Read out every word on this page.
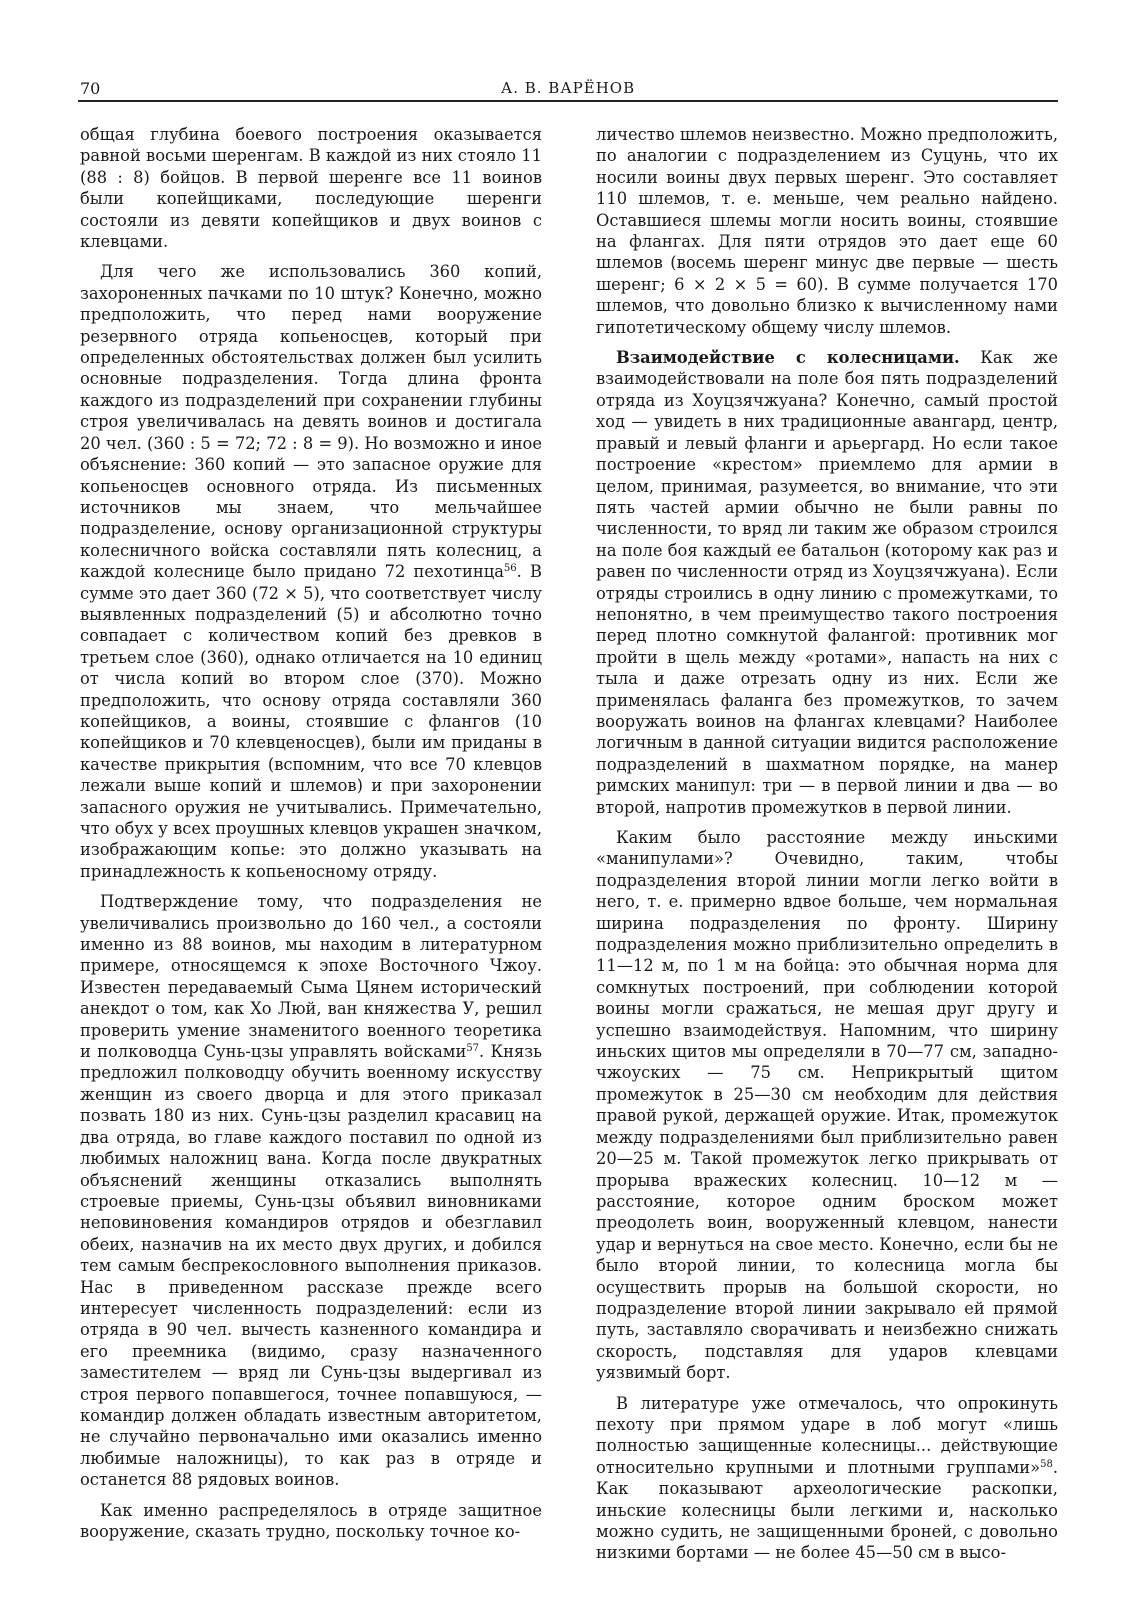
70	А. В. ВАРЁНОВ

общая глубина боевого построения оказывается равной восьми шеренгам. В каждой из них стояло 11 (88 : 8) бойцов. В первой шеренге все 11 воинов были копейщиками, последующие шеренги состояли из девяти копейщиков и двух воинов с клевцами.

Для чего же использовались 360 копий, захороненных пачками по 10 штук? Конечно, можно предположить, что перед нами вооружение резервного отряда копьеносцев, который при определенных обстоятельствах должен был усилить основные подразделения. Тогда длина фронта каждого из подразделений при сохранении глубины строя увеличивалась на девять воинов и достигала 20 чел. (360 : 5 = 72; 72 : 8 = 9). Но возможно и иное объяснение: 360 копий — это запасное оружие для копьеносцев основного отряда. Из письменных источников мы знаем, что мельчайшее подразделение, основу организационной структуры колесничного войска составляли пять колесниц, а каждой колеснице было придано 72 пехотинца$^{56}$. В сумме это дает 360 (72 × 5), что соответствует числу выявленных подразделений (5) и абсолютно точно совпадает с количеством копий без древков в третьем слое (360), однако отличается на 10 единиц от числа копий во втором слое (370). Можно предположить, что основу отряда составляли 360 копейщиков, а воины, стоявшие с флангов (10 копейщиков и 70 клевценосцев), были им приданы в качестве прикрытия (вспомним, что все 70 клевцов лежали выше копий и шлемов) и при захоронении запасного оружия не учитывались. Примечательно, что обух у всех проушных клевцов украшен значком, изображающим копье: это должно указывать на принадлежность к копьеносному отряду.

Подтверждение тому, что подразделения не увеличивались произвольно до 160 чел., а состояли именно из 88 воинов, мы находим в литературном примере, относящемся к эпохе Восточного Чжоу. Известен передаваемый Сыма Цянем исторический анекдот о том, как Хо Люй, ван княжества У, решил проверить умение знаменитого военного теоретика и полководца Сунь-цзы управлять войсками$^{57}$. Князь предложил полководцу обучить военному искусству женщин из своего дворца и для этого приказал позвать 180 из них. Сунь-цзы разделил красавиц на два отряда, во главе каждого поставил по одной из любимых наложниц вана. Когда после двукратных объяснений женщины отказались выполнять строевые приемы, Сунь-цзы объявил виновниками неповиновения командиров отрядов и обезглавил обеих, назначив на их место двух других, и добился тем самым беспрекословного выполнения приказов. Нас в приведенном рассказе прежде всего интересует численность подразделений: если из отряда в 90 чел. вычесть казненного командира и его преемника (видимо, сразу назначенного заместителем — вряд ли Сунь-цзы выдергивал из строя первого попавшегося, точнее попавшуюся, — командир должен обладать известным авторитетом, не случайно первоначально ими оказались именно любимые наложницы), то как раз в отряде и останется 88 рядовых воинов.

Как именно распределялось в отряде защитное вооружение, сказать трудно, поскольку точное ко-

личество шлемов неизвестно. Можно предположить, по аналогии с подразделением из Суцунь, что их носили воины двух первых шеренг. Это составляет 110 шлемов, т. е. меньше, чем реально найдено. Оставшиеся шлемы могли носить воины, стоявшие на флангах. Для пяти отрядов это дает еще 60 шлемов (восемь шеренг минус две первые — шесть шеренг; 6 × 2 × 5 = 60). В сумме получается 170 шлемов, что довольно близко к вычисленному нами гипотетическому общему числу шлемов.

Взаимодействие с колесницами. Как же взаимодействовали на поле боя пять подразделений отряда из Хоуцзячжуана? Конечно, самый простой ход — увидеть в них традиционные авангард, центр, правый и левый фланги и арьергард. Но если такое построение «крестом» приемлемо для армии в целом, принимая, разумеется, во внимание, что эти пять частей армии обычно не были равны по численности, то вряд ли таким же образом строился на поле боя каждый ее батальон (которому как раз и равен по численности отряд из Хоуцзячжуана). Если отряды строились в одну линию с промежутками, то непонятно, в чем преимущество такого построения перед плотно сомкнутой фалангой: противник мог пройти в щель между «ротами», напасть на них с тыла и даже отрезать одну из них. Если же применялась фаланга без промежутков, то зачем вооружать воинов на флангах клевцами? Наиболее логичным в данной ситуации видится расположение подразделений в шахматном порядке, на манер римских манипул: три — в первой линии и два — во второй, напротив промежутков в первой линии.

Каким было расстояние между иньскими «манипулами»? Очевидно, таким, чтобы подразделения второй линии могли легко войти в него, т. е. примерно вдвое больше, чем нормальная ширина подразделения по фронту. Ширину подразделения можно приблизительно определить в 11—12 м, по 1 м на бойца: это обычная норма для сомкнутых построений, при соблюдении которой воины могли сражаться, не мешая друг другу и успешно взаимодействуя. Напомним, что ширину иньских щитов мы определяли в 70—77 см, западно-чжоуских — 75 см. Неприкрытый щитом промежуток в 25—30 см необходим для действия правой рукой, держащей оружие. Итак, промежуток между подразделениями был приблизительно равен 20—25 м. Такой промежуток легко прикрывать от прорыва вражеских колесниц. 10—12 м — расстояние, которое одним броском может преодолеть воин, вооруженный клевцом, нанести удар и вернуться на свое место. Конечно, если бы не было второй линии, то колесница могла бы осуществить прорыв на большой скорости, но подразделение второй линии закрывало ей прямой путь, заставляло сворачивать и неизбежно снижать скорость, подставляя для ударов клевцами уязвимый борт.

В литературе уже отмечалось, что опрокинуть пехоту при прямом ударе в лоб могут «лишь полностью защищенные колесницы... действующие относительно крупными и плотными группами»$^{58}$. Как показывают археологические раскопки, иньские колесницы были легкими и, насколько можно судить, не защищенными броней, с довольно низкими бортами — не более 45—50 см в высо-
